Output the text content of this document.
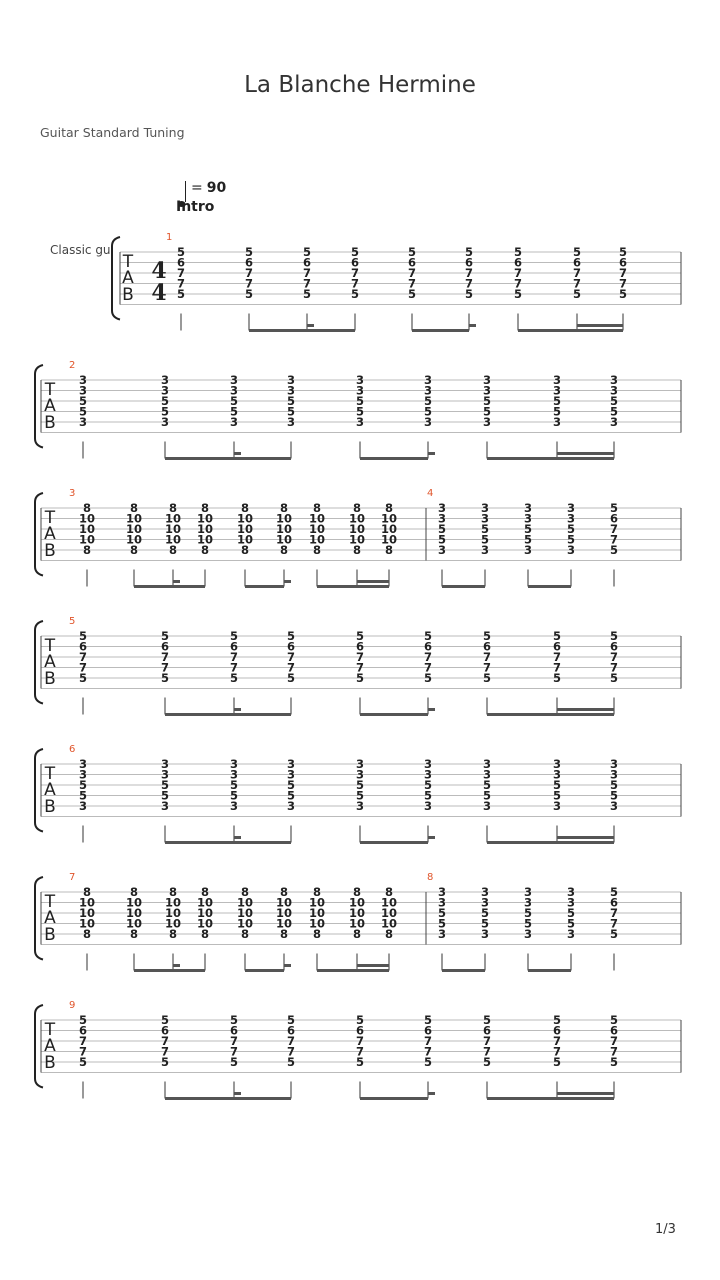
La Blanche Hermine
Guitar Standard Tuning
= 90
Intro
Classic gu
T
A
B
4
4
5
6
7
7
5
5
6
7
7
5
5
6
7
7
5
5
6
7
7
5
5
6
7
7
5
5
6
7
7
5
5
6
7
7
5
5
6
7
7
5
5
6
7
7
5
1
T
A
B
3
3
5
5
3
3
3
5
5
3
3
3
5
5
3
3
3
5
5
3
3
3
5
5
3
3
3
5
5
3
3
3
5
5
3
3
3
5
5
3
3
3
5
5
3
2
T
A
B
8
10
10
10
8
8
10
10
10
8
8
10
10
10
8
8
10
10
10
8
8
10
10
10
8
8
10
10
10
8
8
10
10
10
8
8
10
10
10
8
8
10
10
10
8
3
3
3
5
5
3
3
3
5
5
3
3
3
5
5
3
3
3
5
5
3
5
6
7
7
5
4
T
A
B
5
6
7
7
5
5
6
7
7
5
5
6
7
7
5
5
6
7
7
5
5
6
7
7
5
5
6
7
7
5
5
6
7
7
5
5
6
7
7
5
5
6
7
7
5
5
T
A
B
3
3
5
5
3
3
3
5
5
3
3
3
5
5
3
3
3
5
5
3
3
3
5
5
3
3
3
5
5
3
3
3
5
5
3
3
3
5
5
3
3
3
5
5
3
6
T
A
B
8
10
10
10
8
8
10
10
10
8
8
10
10
10
8
8
10
10
10
8
8
10
10
10
8
8
10
10
10
8
8
10
10
10
8
8
10
10
10
8
8
10
10
10
8
7
3
3
5
5
3
3
3
5
5
3
3
3
5
5
3
3
3
5
5
3
5
6
7
7
5
8
T
A
B
5
6
7
7
5
5
6
7
7
5
5
6
7
7
5
5
6
7
7
5
5
6
7
7
5
5
6
7
7
5
5
6
7
7
5
5
6
7
7
5
5
6
7
7
5
9
1/3
